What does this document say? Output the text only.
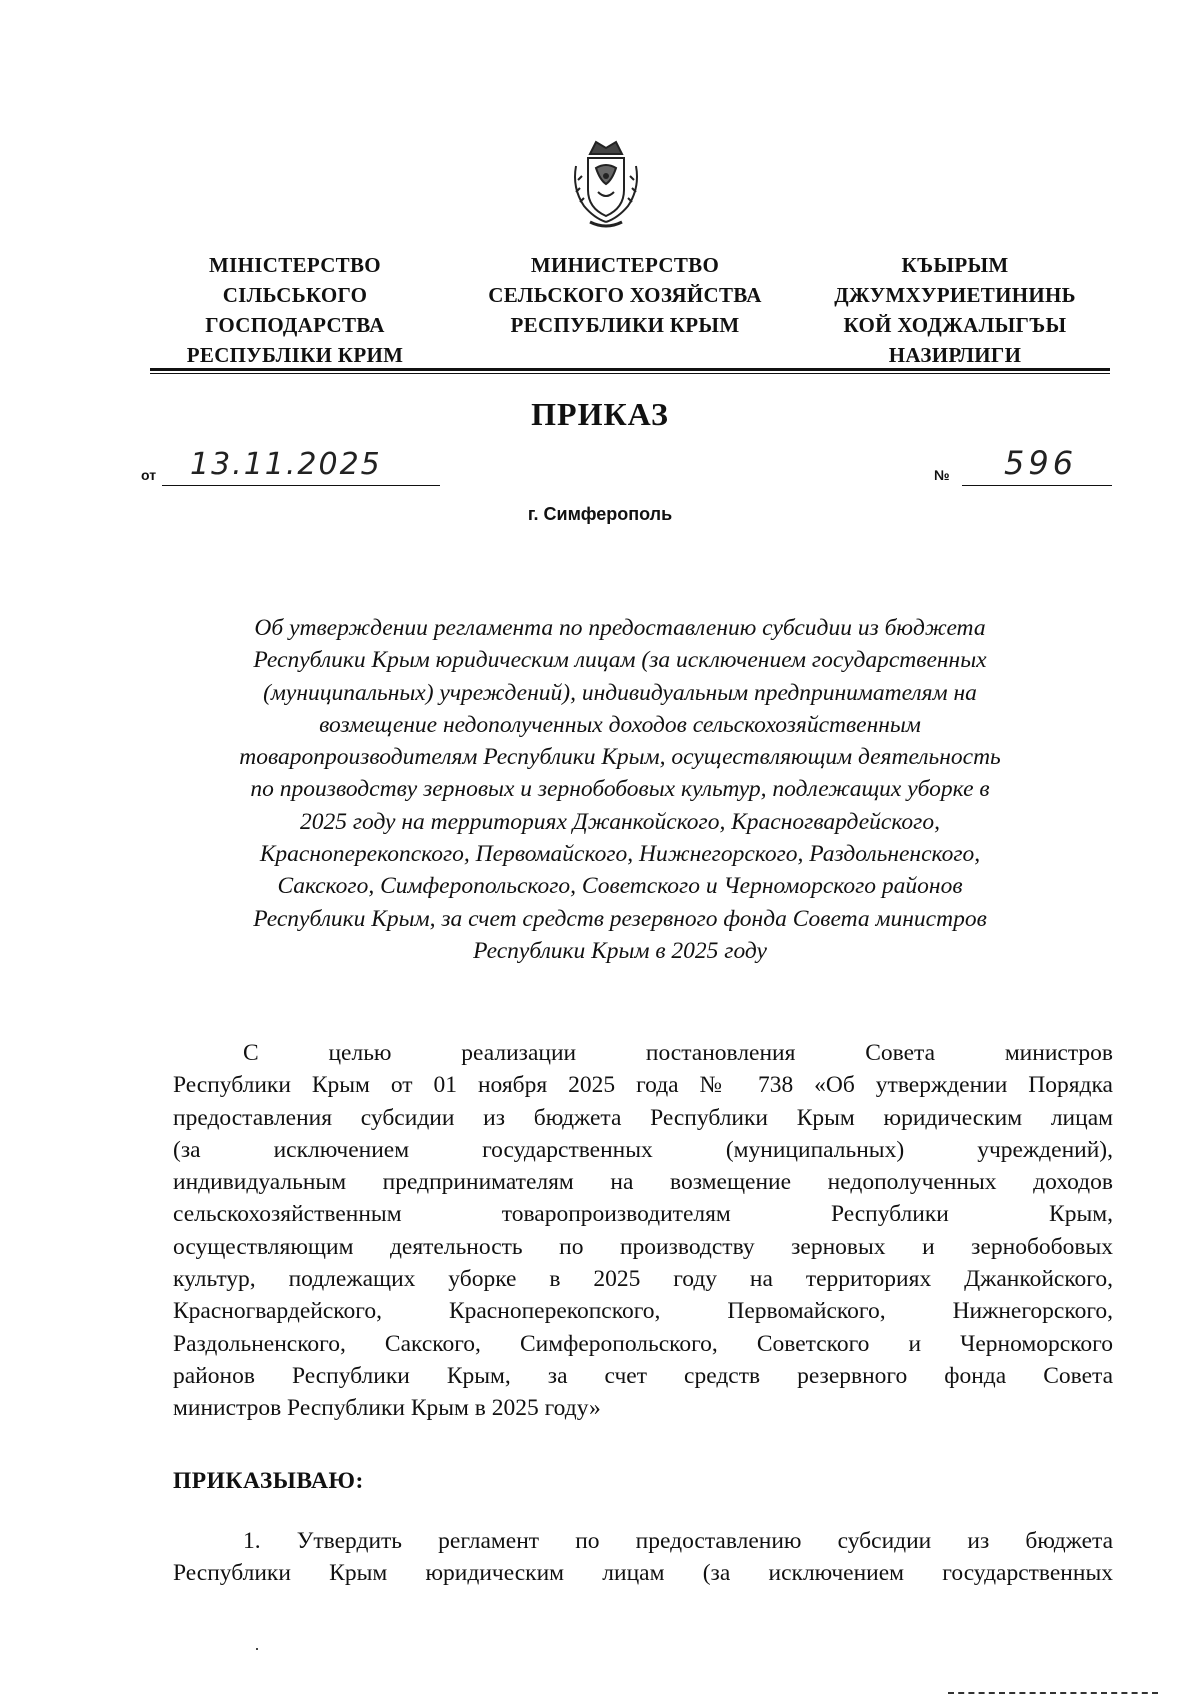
МІНІСТЕРСТВО
СІЛЬСЬКОГО
ГОСПОДАРСТВА
РЕСПУБЛІКИ КРИМ
МИНИСТЕРСТВО
СЕЛЬСКОГО ХОЗЯЙСТВА
РЕСПУБЛИКИ КРЫМ
КЪЫРЫМ
ДЖУМХУРИЕТИНИНЬ
КОЙ ХОДЖАЛЫГЪЫ
НАЗИРЛИГИ
ПРИКАЗ
от 13.11.2025	№ 596
г. Симферополь
Об утверждении регламента по предоставлению субсидии из бюджета
Республики Крым юридическим лицам (за исключением государственных
(муниципальных) учреждений), индивидуальным предпринимателям на
возмещение недополученных доходов сельскохозяйственным
товаропроизводителям Республики Крым, осуществляющим деятельность
по производству зерновых и зернобобовых культур, подлежащих уборке в
2025 году на территориях Джанкойского, Красногвардейского,
Красноперекопского, Первомайского, Нижнегорского, Раздольненского,
Сакского, Симферопольского, Советского и Черноморского районов
Республики Крым, за счет средств резервного фонда Совета министров
Республики Крым в 2025 году
С целью реализации постановления Совета министров
Республики Крым от 01 ноября 2025 года № 738 «Об утверждении Порядка
предоставления субсидии из бюджета Республики Крым юридическим лицам
(за исключением государственных (муниципальных) учреждений),
индивидуальным предпринимателям на возмещение недополученных доходов
сельскохозяйственным товаропроизводителям Республики Крым,
осуществляющим деятельность по производству зерновых и зернобобовых
культур, подлежащих уборке в 2025 году на территориях Джанкойского,
Красногвардейского, Красноперекопского, Первомайского, Нижнегорского,
Раздольненского, Сакского, Симферопольского, Советского и Черноморского
районов Республики Крым, за счет средств резервного фонда Совета
министров Республики Крым в 2025 году»
ПРИКАЗЫВАЮ:
1. Утвердить регламент по предоставлению субсидии из бюджета
Республики Крым юридическим лицам (за исключением государственных
